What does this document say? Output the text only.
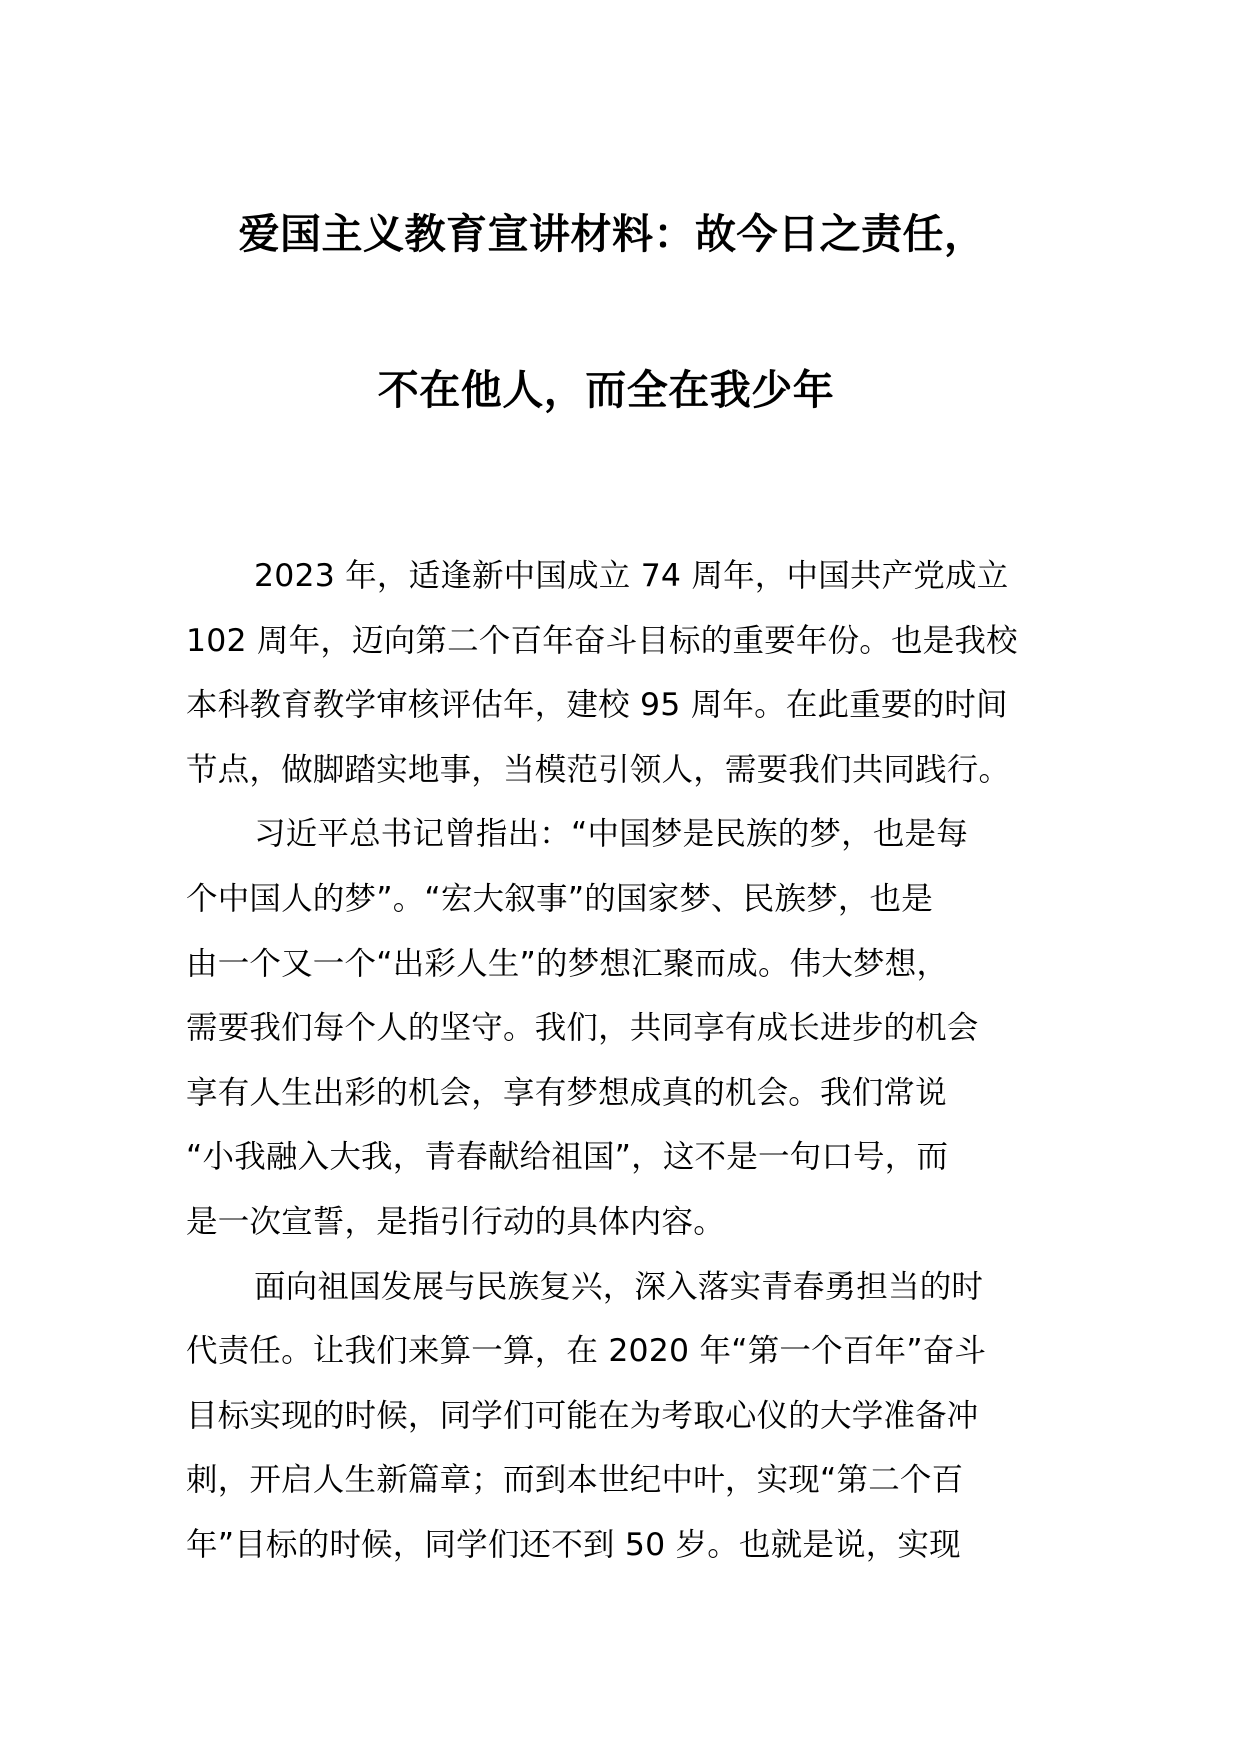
爱国主义教育宣讲材料：故今日之责任，
不在他人，而全在我少年

2023 年，适逢新中国成立 74 周年，中国共产党成立
102 周年，迈向第二个百年奋斗目标的重要年份。也是我校
本科教育教学审核评估年，建校 95 周年。在此重要的时间
节点，做脚踏实地事，当模范引领人，需要我们共同践行。

习近平总书记曾指出：“中国梦是民族的梦，也是每
个中国人的梦”。“宏大叙事”的国家梦、民族梦，也是
由一个又一个“出彩人生”的梦想汇聚而成。伟大梦想，
需要我们每个人的坚守。我们，共同享有成长进步的机会
享有人生出彩的机会，享有梦想成真的机会。我们常说
“小我融入大我，青春献给祖国”，这不是一句口号，而
是一次宣誓，是指引行动的具体内容。

面向祖国发展与民族复兴，深入落实青春勇担当的时
代责任。让我们来算一算，在 2020 年“第一个百年”奋斗
目标实现的时候，同学们可能在为考取心仪的大学准备冲
刺，开启人生新篇章；而到本世纪中叶，实现“第二个百
年”目标的时候，同学们还不到 50 岁。也就是说，实现
